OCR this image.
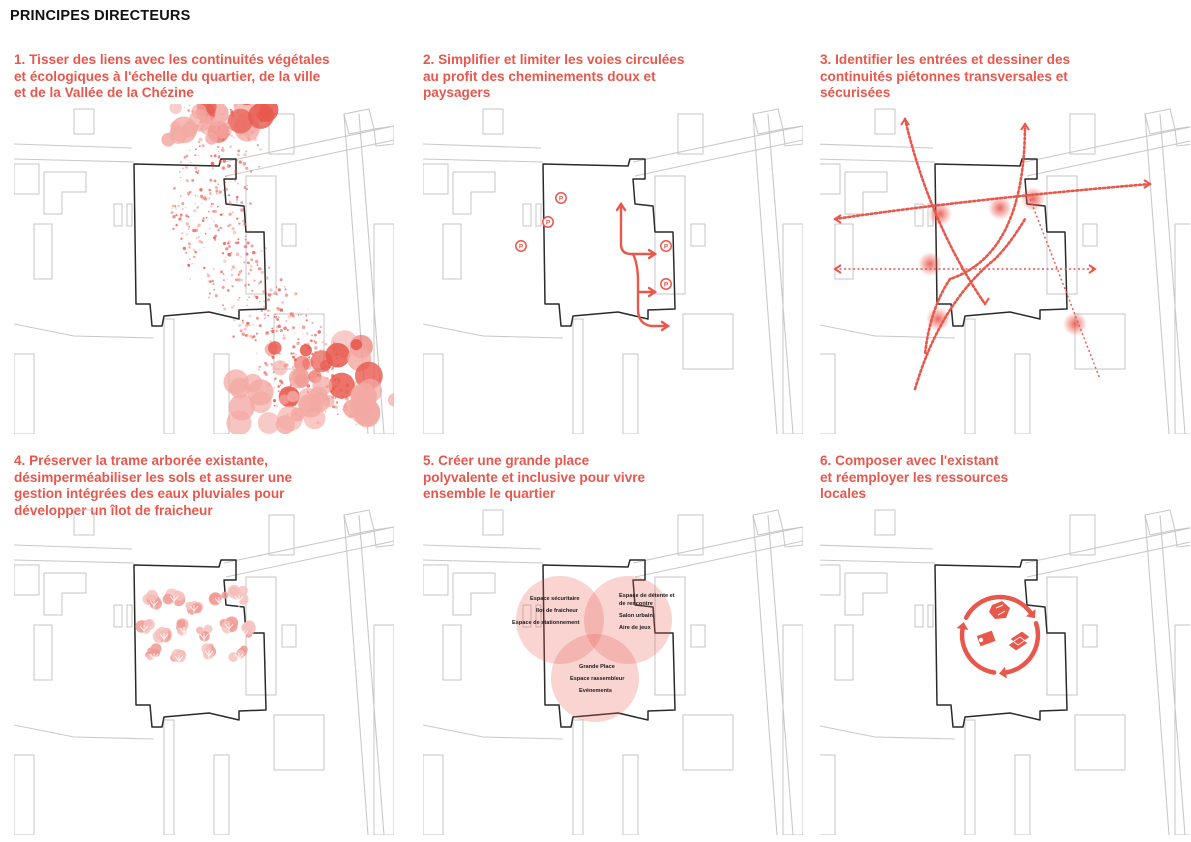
PRINCIPES DIRECTEURS
1. Tisser des liens avec les continuités végétales
et écologiques à l'échelle du quartier, de la ville
et de la Vallée de la Chézine
2. Simplifier et limiter les voies circulées
au profit des cheminements doux et
paysagers
P
P
P	P
P
3. Identifier les entrées et dessiner des
continuités piétonnes transversales et
sécurisées
4. Préserver la trame arborée existante,
désimperméabiliser les sols et assurer une
gestion intégrées des eaux pluviales pour
développer un îlot de fraicheur
5. Créer une grande place
polyvalente et inclusive pour vivre
ensemble le quartier
Espace sécuritaire
Ilot de fraicheur
Espace de stationnement
Espace de détente et
de rencontre
Salon urbain
Aire de jeux
Grande Place
Espace rassembleur
Evénements
6. Composer avec l'existant
et réemployer les ressources
locales
